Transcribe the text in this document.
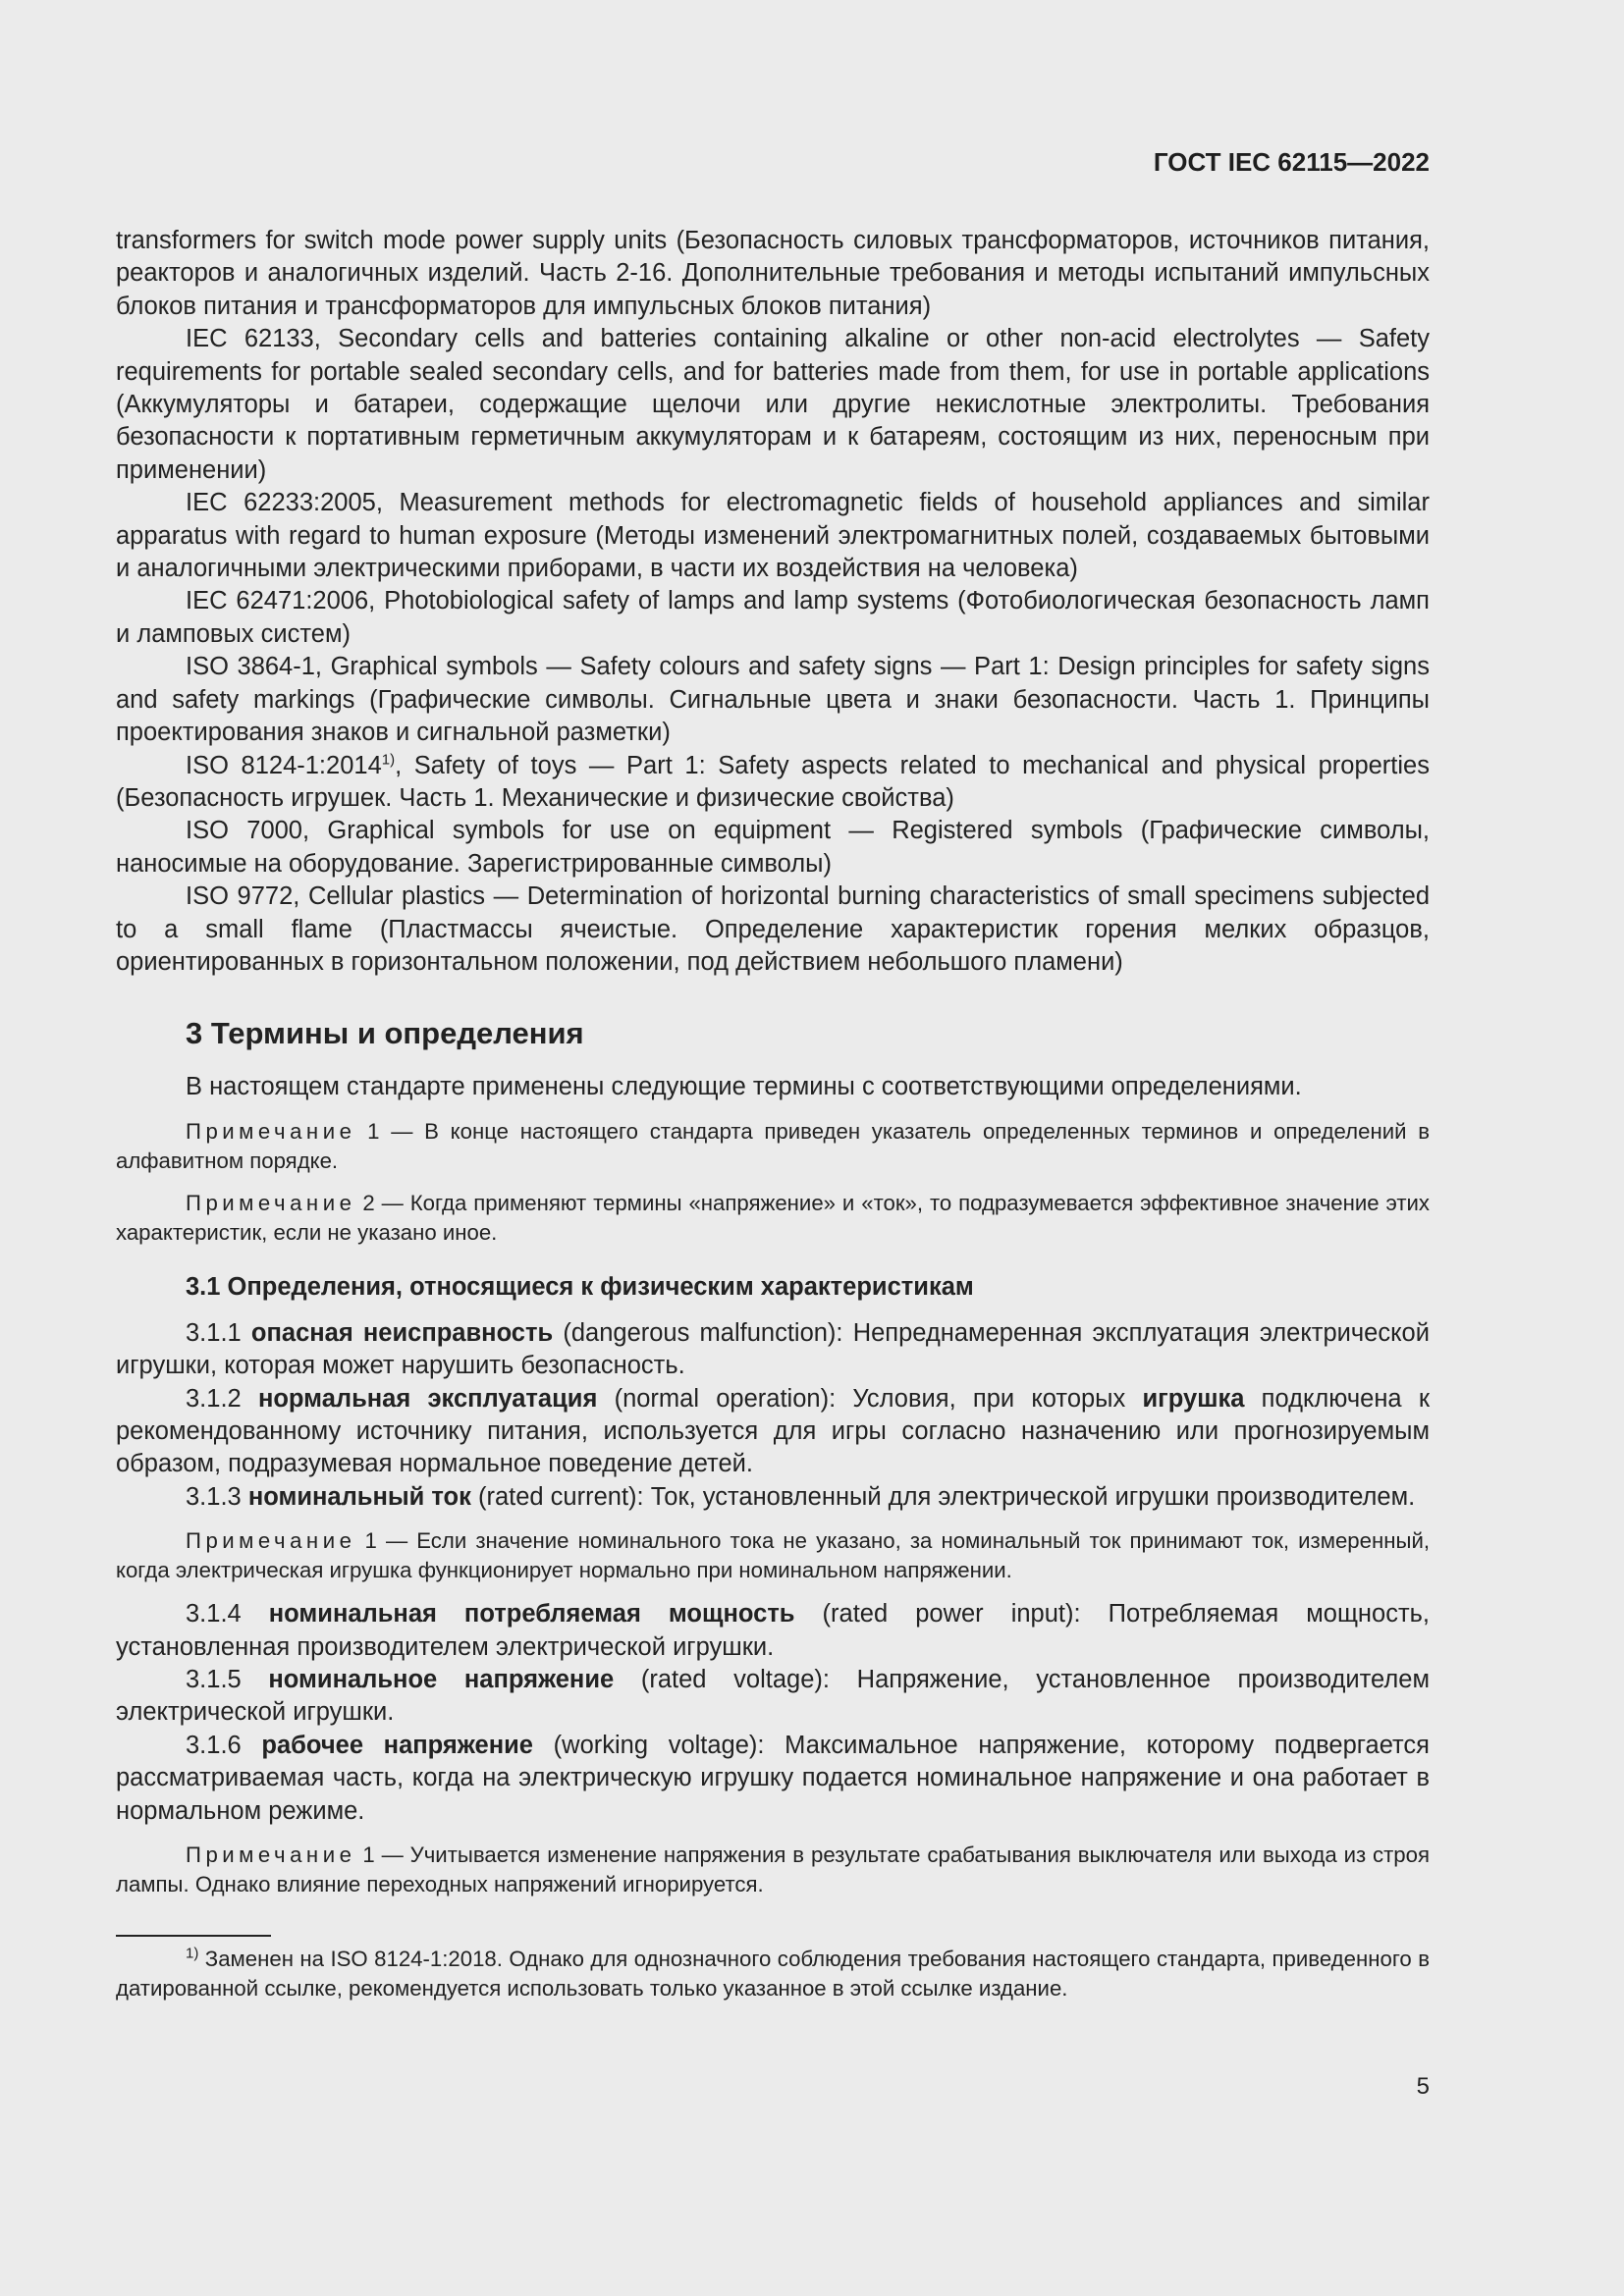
ГОСТ IEC 62115—2022

transformers for switch mode power supply units (Безопасность силовых трансформаторов, источников питания, реакторов и аналогичных изделий. Часть 2-16. Дополнительные требования и методы испытаний импульсных блоков питания и трансформаторов для импульсных блоков питания)

IEC 62133, Secondary cells and batteries containing alkaline or other non-acid electrolytes — Safety requirements for portable sealed secondary cells, and for batteries made from them, for use in portable applications (Аккумуляторы и батареи, содержащие щелочи или другие некислотные электролиты. Требования безопасности к портативным герметичным аккумуляторам и к батареям, состоящим из них, переносным при применении)

IEC 62233:2005, Measurement methods for electromagnetic fields of household appliances and similar apparatus with regard to human exposure (Методы изменений электромагнитных полей, создаваемых бытовыми и аналогичными электрическими приборами, в части их воздействия на человека)

IEC 62471:2006, Photobiological safety of lamps and lamp systems (Фотобиологическая безопасность ламп и ламповых систем)

ISO 3864-1, Graphical symbols — Safety colours and safety signs — Part 1: Design principles for safety signs and safety markings (Графические символы. Сигнальные цвета и знаки безопасности. Часть 1. Принципы проектирования знаков и сигнальной разметки)

ISO 8124-1:2014$^{1)}$, Safety of toys — Part 1: Safety aspects related to mechanical and physical properties (Безопасность игрушек. Часть 1. Механические и физические свойства)

ISO 7000, Graphical symbols for use on equipment — Registered symbols (Графические символы, наносимые на оборудование. Зарегистрированные символы)

ISO 9772, Cellular plastics — Determination of horizontal burning characteristics of small specimens subjected to a small flame (Пластмассы ячеистые. Определение характеристик горения мелких образцов, ориентированных в горизонтальном положении, под действием небольшого пламени)

3 Термины и определения

В настоящем стандарте применены следующие термины с соответствующими определениями.

Примечание 1 — В конце настоящего стандарта приведен указатель определенных терминов и определений в алфавитном порядке.

Примечание 2 — Когда применяют термины «напряжение» и «ток», то подразумевается эффективное значение этих характеристик, если не указано иное.

3.1 Определения, относящиеся к физическим характеристикам

3.1.1 опасная неисправность (dangerous malfunction): Непреднамеренная эксплуатация электрической игрушки, которая может нарушить безопасность.

3.1.2 нормальная эксплуатация (normal operation): Условия, при которых игрушка подключена к рекомендованному источнику питания, используется для игры согласно назначению или прогнозируемым образом, подразумевая нормальное поведение детей.

3.1.3 номинальный ток (rated current): Ток, установленный для электрической игрушки производителем.

Примечание 1 — Если значение номинального тока не указано, за номинальный ток принимают ток, измеренный, когда электрическая игрушка функционирует нормально при номинальном напряжении.

3.1.4 номинальная потребляемая мощность (rated power input): Потребляемая мощность, установленная производителем электрической игрушки.

3.1.5 номинальное напряжение (rated voltage): Напряжение, установленное производителем электрической игрушки.

3.1.6 рабочее напряжение (working voltage): Максимальное напряжение, которому подвергается рассматриваемая часть, когда на электрическую игрушку подается номинальное напряжение и она работает в нормальном режиме.

Примечание 1 — Учитывается изменение напряжения в результате срабатывания выключателя или выхода из строя лампы. Однако влияние переходных напряжений игнорируется.

$^{1)}$ Заменен на ISO 8124-1:2018. Однако для однозначного соблюдения требования настоящего стандарта, приведенного в датированной ссылке, рекомендуется использовать только указанное в этой ссылке издание.

5
